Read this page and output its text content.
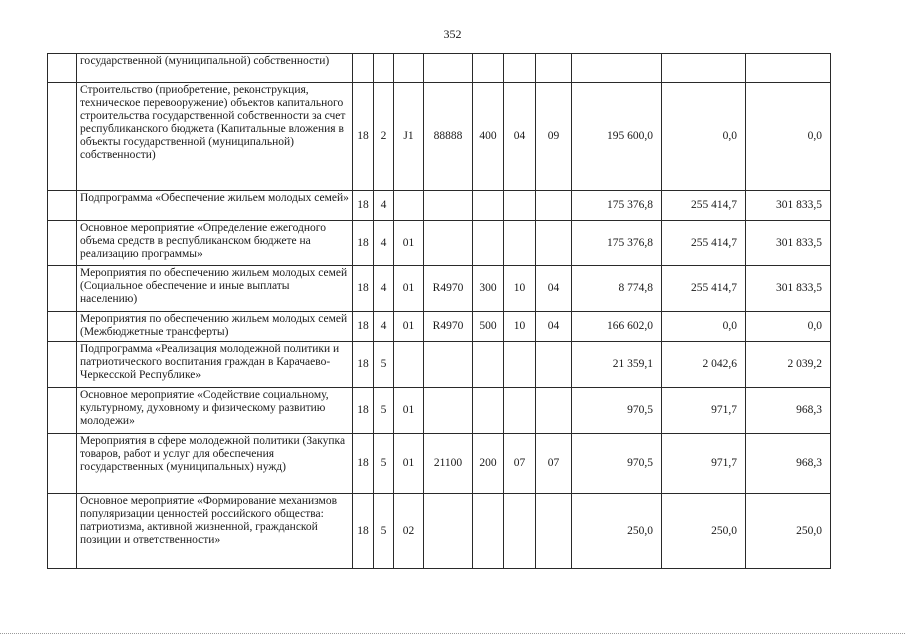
352
	государственной (муниципальной) собственности)										
	Строительство (приобретение, реконструкция, техническое перевооружение) объектов капитального строительства государственной собственности за счет республиканского бюджета (Капитальные вложения в объекты государственной (муниципальной) собственности)	18	2	J1	88888	400	04	09	195 600,0	0,0	0,0
	Подпрограмма «Обеспечение жильем молодых семей»	18	4						175 376,8	255 414,7	301 833,5
	Основное мероприятие «Определение ежегодного объема средств в республиканском бюджете на реализацию программы»	18	4	01					175 376,8	255 414,7	301 833,5
	Мероприятия по обеспечению жильем молодых семей (Социальное обеспечение и иные выплаты населению)	18	4	01	R4970	300	10	04	8 774,8	255 414,7	301 833,5
	Мероприятия по обеспечению жильем молодых семей (Межбюджетные трансферты)	18	4	01	R4970	500	10	04	166 602,0	0,0	0,0
	Подпрограмма «Реализация молодежной политики и патриотического воспитания граждан в Карачаево-Черкесской Республике»	18	5						21 359,1	2 042,6	2 039,2
	Основное мероприятие «Содействие социальному, культурному, духовному и физическому развитию молодежи»	18	5	01					970,5	971,7	968,3
	Мероприятия в сфере молодежной политики (Закупка товаров, работ и услуг для обеспечения государственных (муниципальных) нужд)	18	5	01	21100	200	07	07	970,5	971,7	968,3
	Основное мероприятие «Формирование механизмов популяризации ценностей российского общества: патриотизма, активной жизненной, гражданской позиции и ответственности»	18	5	02					250,0	250,0	250,0
